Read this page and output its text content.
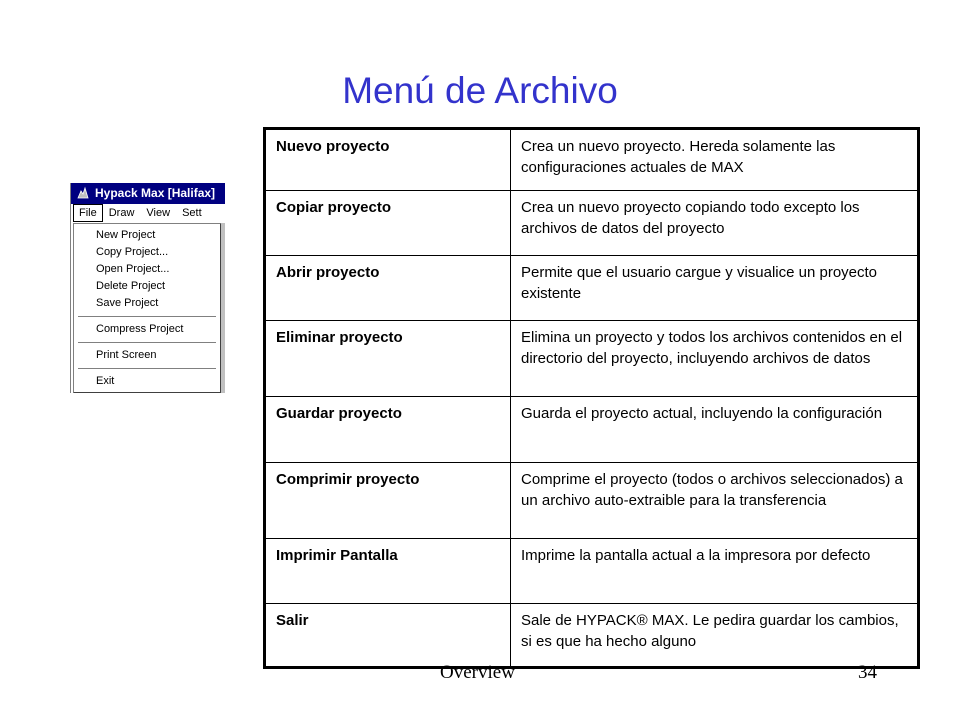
Menú de Archivo
Hypack Max [Halifax]
File Draw View Sett
New Project
Copy Project...
Open Project...
Delete Project
Save Project
Compress Project
Print Screen
Exit
Nuevo proyecto	Crea un nuevo proyecto. Hereda solamente las configuraciones actuales de MAX
Copiar proyecto	Crea un nuevo proyecto copiando todo excepto los archivos de datos del proyecto
Abrir proyecto	Permite que el usuario cargue y visualice un proyecto existente
Eliminar proyecto	Elimina un proyecto y todos los archivos contenidos en el directorio del proyecto, incluyendo archivos de datos
Guardar proyecto	Guarda el proyecto actual, incluyendo la configuración
Comprimir proyecto	Comprime el proyecto (todos o archivos seleccionados) a un archivo auto-extraible para la transferencia
Imprimir Pantalla	Imprime la pantalla actual a la impresora por defecto
Salir	Sale de HYPACK® MAX. Le pedira guardar los cambios, si es que ha hecho alguno
Overview	34
